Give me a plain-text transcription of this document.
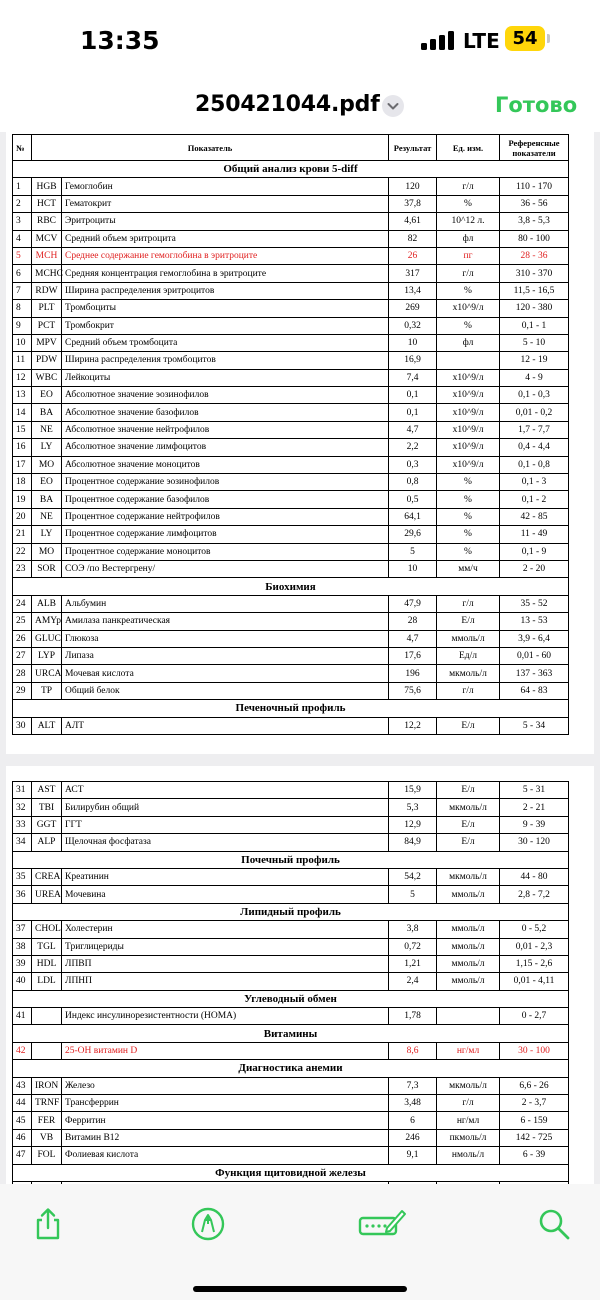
13:35	LTE 54
250421044.pdf	Готово
№	Показатель		Результат	Ед. изм.	Референсные показатели
Общий анализ крови 5-diff					
1	HGB	Гемоглобин	120	г/л	110 - 170
2	HCT	Гематокрит	37,8	%	36 - 56
3	RBC	Эритроциты	4,61	10^12 л.	3,8 - 5,3
4	MCV	Средний объем эритроцита	82	фл	80 - 100
5	MCH	Среднее содержание гемоглобина в эритроците	26	пг	28 - 36
6	MCHC	Средняя концентрация гемоглобина в эритроците	317	г/л	310 - 370
7	RDW	Ширина распределения эритроцитов	13,4	%	11,5 - 16,5
8	PLT	Тромбоциты	269	x10^9/л	120 - 380
9	PCT	Тромбокрит	0,32	%	0,1 - 1
10	MPV	Средний объем тромбоцита	10	фл	5 - 10
11	PDW	Ширина распределения тромбоцитов	16,9		12 - 19
12	WBC	Лейкоциты	7,4	x10^9/л	4 - 9
13	EO	Абсолютное значение эозинофилов	0,1	x10^9/л	0,1 - 0,3
14	BA	Абсолютное значение базофилов	0,1	x10^9/л	0,01 - 0,2
15	NE	Абсолютное значение нейтрофилов	4,7	x10^9/л	1,7 - 7,7
16	LY	Абсолютное значение лимфоцитов	2,2	x10^9/л	0,4 - 4,4
17	MO	Абсолютное значение моноцитов	0,3	x10^9/л	0,1 - 0,8
18	EO	Процентное содержание эозинофилов	0,8	%	0,1 - 3
19	BA	Процентное содержание базофилов	0,5	%	0,1 - 2
20	NE	Процентное содержание нейтрофилов	64,1	%	42 - 85
21	LY	Процентное содержание лимфоцитов	29,6	%	11 - 49
22	MO	Процентное содержание моноцитов	5	%	0,1 - 9
23	SOR	СОЭ /по Вестергрену/	10	мм/ч	2 - 20
Биохимия					
24	ALB	Альбумин	47,9	г/л	35 - 52
25	AMYp	Амилаза панкреатическая	28	Е/л	13 - 53
26	GLUC	Глюкоза	4,7	ммоль/л	3,9 - 6,4
27	LYP	Липаза	17,6	Ед/л	0,01 - 60
28	URCA	Мочевая кислота	196	мкмоль/л	137 - 363
29	TP	Общий белок	75,6	г/л	64 - 83
Печеночный профиль					
30	ALT	АЛТ	12,2	Е/л	5 - 34
31	AST	АСТ	15,9	Е/л	5 - 31
32	TBI	Билирубин общий	5,3	мкмоль/л	2 - 21
33	GGT	ГГТ	12,9	Е/л	9 - 39
34	ALP	Щелочная фосфатаза	84,9	Е/л	30 - 120
Почечный профиль					
35	CREA	Креатинин	54,2	мкмоль/л	44 - 80
36	UREA	Мочевина	5	ммоль/л	2,8 - 7,2
Липидный профиль					
37	CHOL	Холестерин	3,8	ммоль/л	0 - 5,2
38	TGL	Триглицериды	0,72	ммоль/л	0,01 - 2,3
39	HDL	ЛПВП	1,21	ммоль/л	1,15 - 2,6
40	LDL	ЛПНП	2,4	ммоль/л	0,01 - 4,11
Углеводный обмен					
41		Индекс инсулинорезистентности (HOMA)	1,78		0 - 2,7
Витамины					
42		25-OH витамин D	8,6	нг/мл	30 - 100
Диагностика анемии					
43	IRON	Железо	7,3	мкмоль/л	6,6 - 26
44	TRNF	Трансферрин	3,48	г/л	2 - 3,7
45	FER	Ферритин	6	нг/мл	6 - 159
46	VB	Витамин В12	246	пкмоль/л	142 - 725
47	FOL	Фолиевая кислота	9,1	нмоль/л	6 - 39
Функция щитовидной железы					
